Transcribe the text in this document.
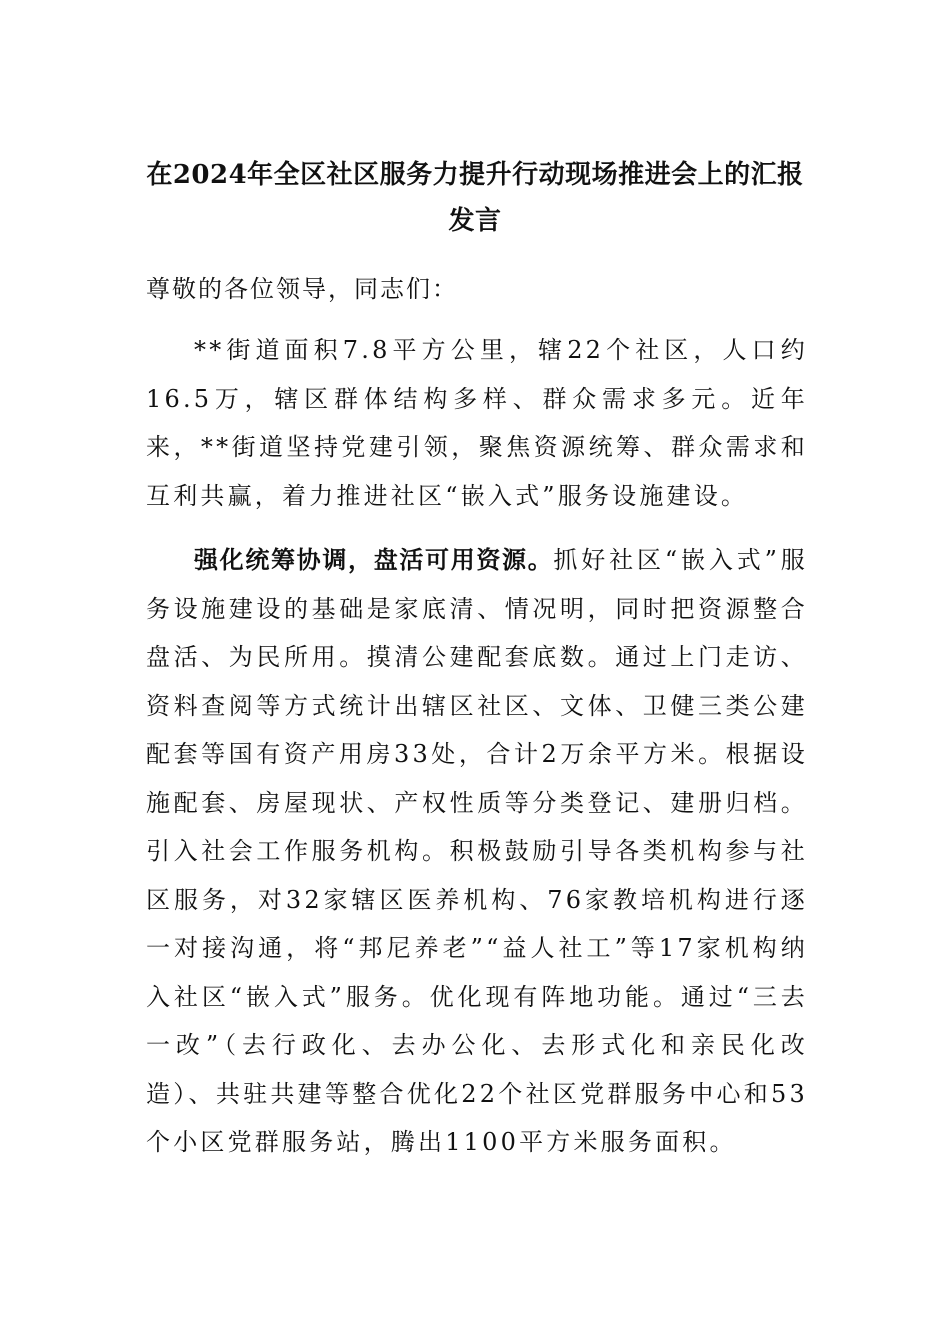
在2024年全区社区服务力提升行动现场推进会上的汇报发言

尊敬的各位领导，同志们：

**街道面积7.8平方公里，辖22个社区，人口约16.5万，辖区群体结构多样、群众需求多元。近年来，**街道坚持党建引领，聚焦资源统筹、群众需求和互利共赢，着力推进社区“嵌入式”服务设施建设。

强化统筹协调，盘活可用资源。抓好社区“嵌入式”服务设施建设的基础是家底清、情况明，同时把资源整合盘活、为民所用。摸清公建配套底数。通过上门走访、资料查阅等方式统计出辖区社区、文体、卫健三类公建配套等国有资产用房33处，合计2万余平方米。根据设施配套、房屋现状、产权性质等分类登记、建册归档。引入社会工作服务机构。积极鼓励引导各类机构参与社区服务，对32家辖区医养机构、76家教培机构进行逐一对接沟通，将“邦尼养老”“益人社工”等17家机构纳入社区“嵌入式”服务。优化现有阵地功能。通过“三去一改”（去行政化、去办公化、去形式化和亲民化改造）、共驻共建等整合优化22个社区党群服务中心和53个小区党群服务站，腾出1100平方米服务面积。
